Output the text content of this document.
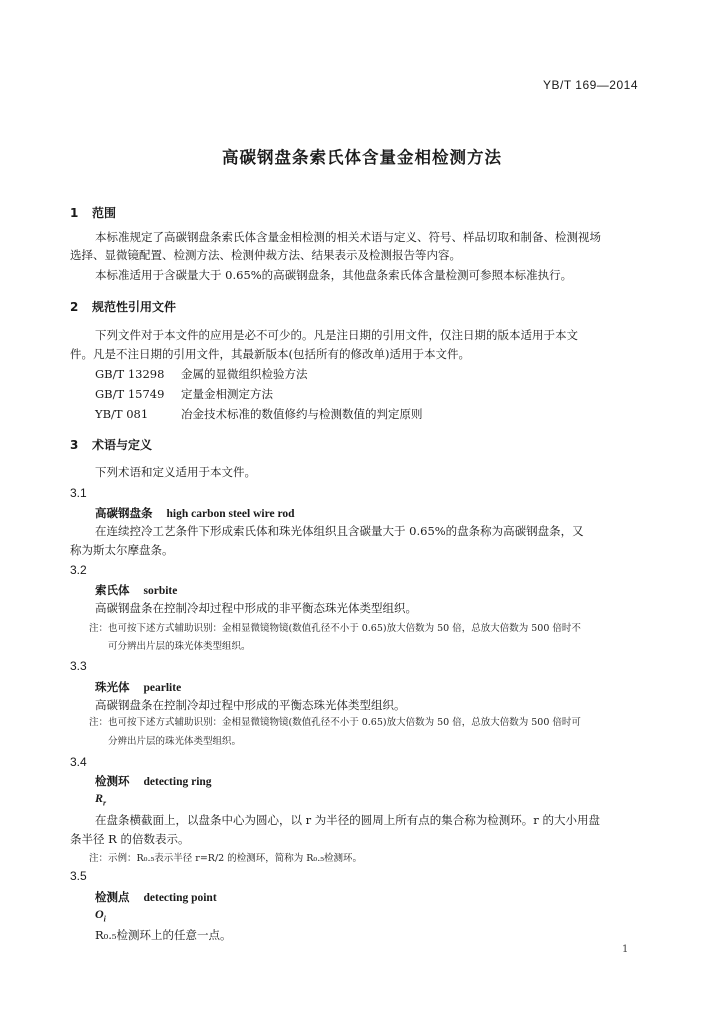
YB/T 169—2014
高碳钢盘条索氏体含量金相检测方法
1 范围
本标准规定了高碳钢盘条索氏体含量金相检测的相关术语与定义、符号、样品切取和制备、检测视场
选择、显微镜配置、检测方法、检测仲裁方法、结果表示及检测报告等内容。
本标准适用于含碳量大于 0.65%的高碳钢盘条，其他盘条索氏体含量检测可参照本标准执行。
2 规范性引用文件
下列文件对于本文件的应用是必不可少的。凡是注日期的引用文件，仅注日期的版本适用于本文
件。凡是不注日期的引用文件，其最新版本(包括所有的修改单)适用于本文件。
GB/T 13298 金属的显微组织检验方法
GB/T 15749 定量金相测定方法
YB/T 081	冶金技术标准的数值修约与检测数值的判定原则
3 术语与定义
下列术语和定义适用于本文件。
3.1
高碳钢盘条 high carbon steel wire rod
在连续控冷工艺条件下形成索氏体和珠光体组织且含碳量大于 0.65%的盘条称为高碳钢盘条，又
称为斯太尔摩盘条。
3.2
索氏体 sorbite
高碳钢盘条在控制冷却过程中形成的非平衡态珠光体类型组织。
注：也可按下述方式辅助识别：金相显微镜物镜(数值孔径不小于 0.65)放大倍数为 50 倍，总放大倍数为 500 倍时不
可分辨出片层的珠光体类型组织。
3.3
珠光体 pearlite
高碳钢盘条在控制冷却过程中形成的平衡态珠光体类型组织。
注：也可按下述方式辅助识别：金相显微镜物镜(数值孔径不小于 0.65)放大倍数为 50 倍，总放大倍数为 500 倍时可
分辨出片层的珠光体类型组织。
3.4
检测环 detecting ring
$R_r$
在盘条横截面上，以盘条中心为圆心，以 r 为半径的圆周上所有点的集合称为检测环。r 的大小用盘
条半径 R 的倍数表示。
注：示例：R₀.₅表示半径 r=R/2 的检测环，简称为 R₀.₅检测环。
3.5
检测点 detecting point
$O_i$
R₀.₅检测环上的任意一点。
1
